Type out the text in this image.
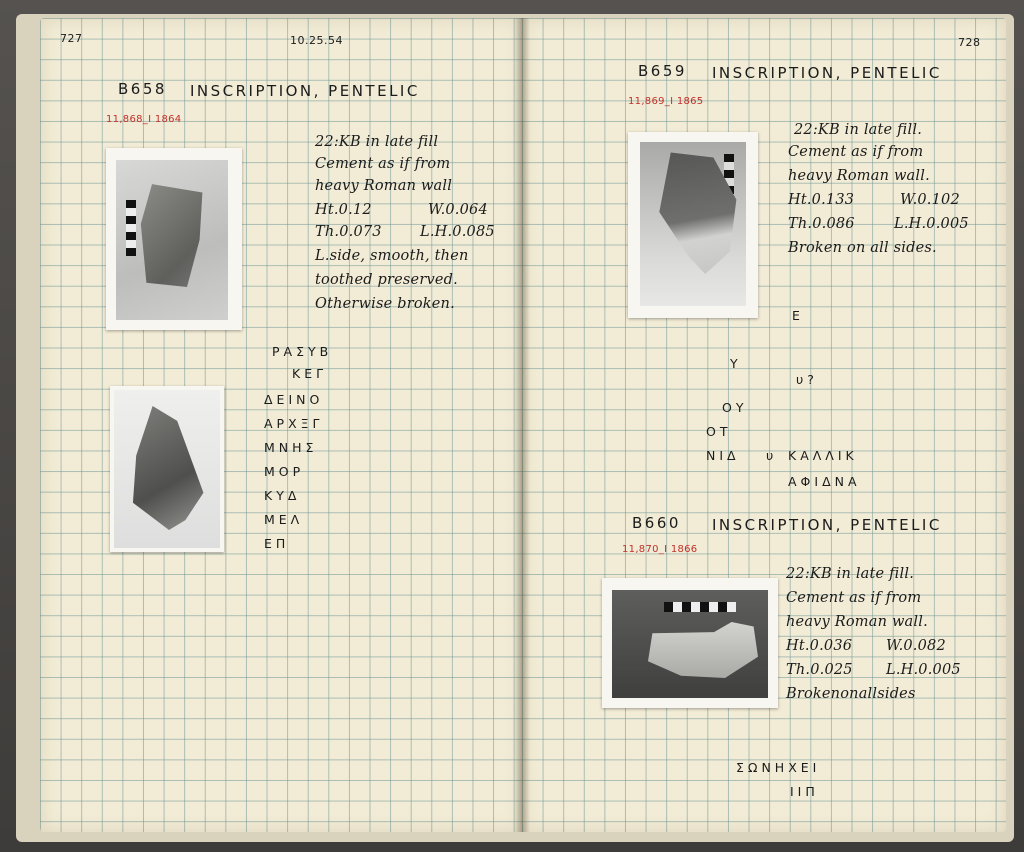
727	10.25.54
B658 INSCRIPTION, PENTELIC
11,868_I 1864
22:KB in late fill
Cement as if from
heavy Roman wall
Ht.0.12	W.0.064
Th.0.073	L.H.0.085
L.side, smooth, then
toothed preserved.
Otherwise broken.
ΡΑΣΥΒ
ΚΕΓ
ΔΕΙΝΟ
ΑΡΧΞΓ
ΜΝΗΣ
ΜΟΡ
ΚΥΔ
ΜΕΛ
ΕΠ
728
B659 INSCRIPTION, PENTELIC
11,869_I 1865
22:KB in late fill.
Cement as if from
heavy Roman wall.
Ht.0.133	W.0.102
Th.0.086	L.H.0.005
Broken on all sides.
Ε
Υ
υ?
ΟΥ
ΟΤ
ΝΙΔ υ ΚΑΛΛΙΚ
ΑΦΙΔΝΑ
B660 INSCRIPTION, PENTELIC
11,870_I 1866
22:KB in late fill.
Cement as if from
heavy Roman wall.
Ht.0.036 W.0.082
Th.0.025 L.H.0.005
Brokenonallsides
ΣΩΝΗΧΕΙ
ΙΙΠ
